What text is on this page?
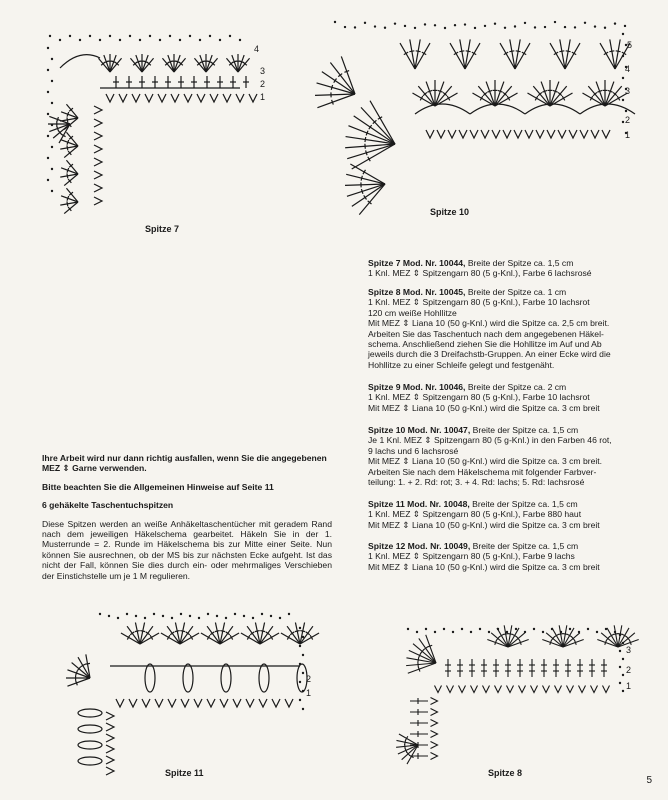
4
3
2
1
Spitze 7
5
4
3
2
1
Spitze 10

Spitze 7 Mod. Nr. 10044, Breite der Spitze ca. 1,5 cm

1 Knl. MEZ ⇕ Spitzengarn 80 (5 g-Knl.), Farbe 6 lachsrosé

Spitze 8 Mod. Nr. 10045, Breite der Spitze ca. 1 cm

1 Knl. MEZ ⇕ Spitzengarn 80 (5 g-Knl.), Farbe 10 lachsrot

120 cm weiße Hohllitze

Mit MEZ ⇕ Liana 10 (50 g-Knl.) wird die Spitze ca. 2,5 cm breit.

Arbeiten Sie das Taschentuch nach dem angegebenen Häkel-

schema. Anschließend ziehen Sie die Hohllitze im Auf und Ab

jeweils durch die 3 Dreifachstb-Gruppen. An einer Ecke wird die

Hohllitze zu einer Schleife gelegt und festgenäht.

Spitze 9 Mod. Nr. 10046, Breite der Spitze ca. 2 cm

1 Knl. MEZ ⇕ Spitzengarn 80 (5 g-Knl.), Farbe 10 lachsrot

Mit MEZ ⇕ Liana 10 (50 g-Knl.) wird die Spitze ca. 3 cm breit

Spitze 10 Mod. Nr. 10047, Breite der Spitze ca. 1,5 cm

Je 1 Knl. MEZ ⇕ Spitzengarn 80 (5 g-Knl.) in den Farben 46 rot,

9 lachs und 6 lachsrosé

Mit MEZ ⇕ Liana 10 (50 g-Knl.) wird die Spitze ca. 3 cm breit.

Arbeiten Sie nach dem Häkelschema mit folgender Farbver-

teilung: 1. + 2. Rd: rot; 3. + 4. Rd: lachs; 5. Rd: lachsrosé

Spitze 11 Mod. Nr. 10048, Breite der Spitze ca. 1,5 cm

1 Knl. MEZ ⇕ Spitzengarn 80 (5 g-Knl.), Farbe 880 haut

Mit MEZ ⇕ Liana 10 (50 g-Knl.) wird die Spitze ca. 3 cm breit

Spitze 12 Mod. Nr. 10049, Breite der Spitze ca. 1,5 cm

1 Knl. MEZ ⇕ Spitzengarn 80 (5 g-Knl.), Farbe 9 lachs

Mit MEZ ⇕ Liana 10 (50 g-Knl.) wird die Spitze ca. 3 cm breit

Ihre Arbeit wird nur dann richtig ausfallen, wenn Sie die angegebenen MEZ ⇕ Garne verwenden.

Bitte beachten Sie die Allgemeinen Hinweise auf Seite 11

6 gehäkelte Taschentuchspitzen

Diese Spitzen werden an weiße Anhäkeltaschentücher mit geradem Rand nach dem jeweiligen Häkelschema gearbeitet. Häkeln Sie in der 1. Musterrunde = 2. Runde im Häkelschema bis zur Mitte einer Seite. Nun können Sie ausrechnen, ob der MS bis zur nächsten Ecke aufgeht. Ist das nicht der Fall, können Sie dies durch ein- oder mehrmaliges Verschieben der Einstichstelle um je 1 M regulieren.

2
1
Spitze 11
3
2
1
Spitze 8
5
